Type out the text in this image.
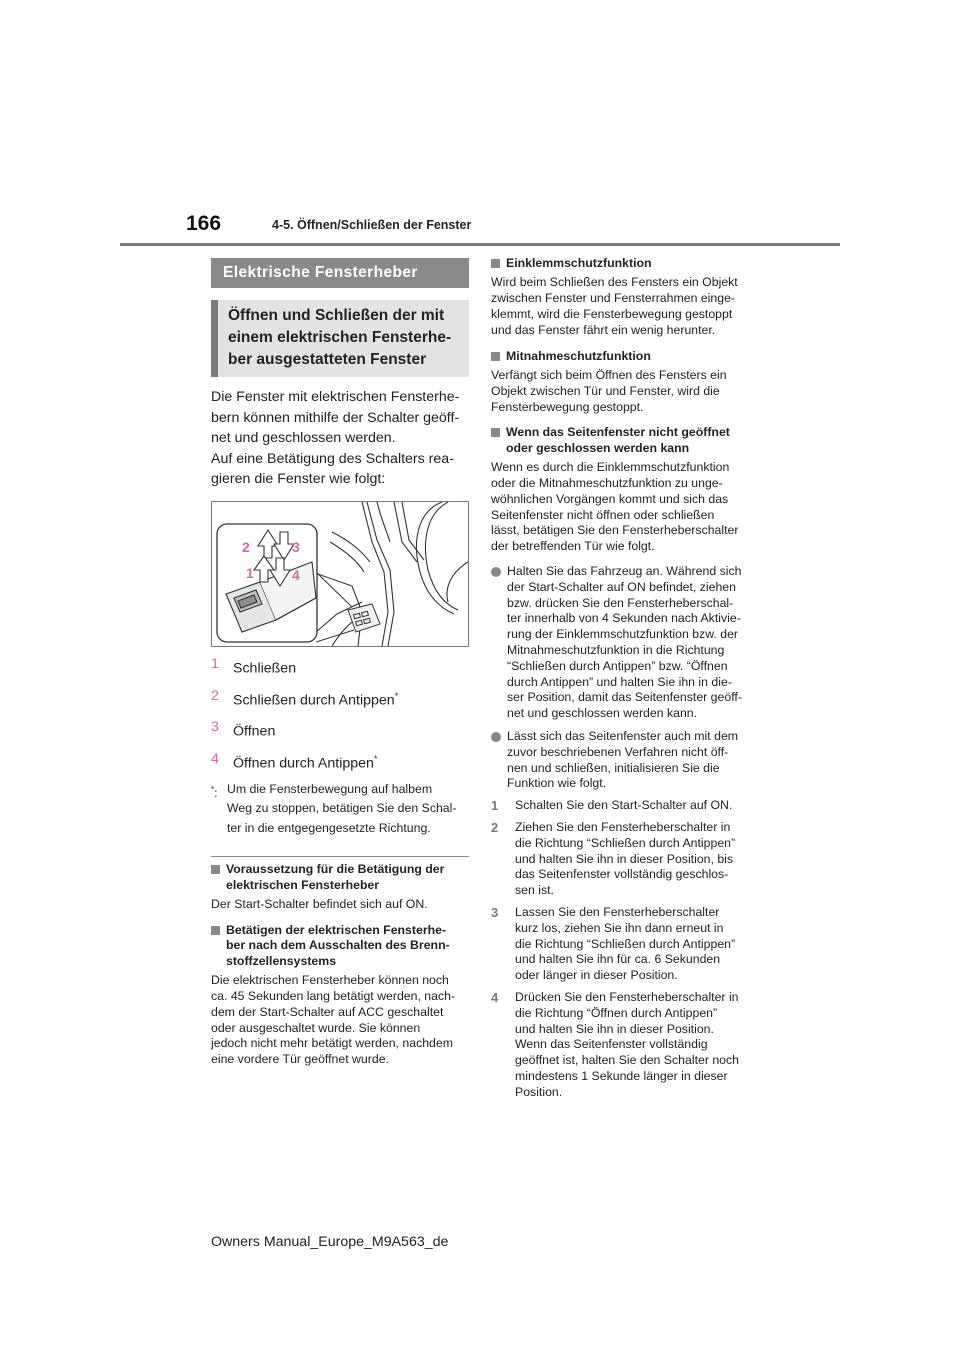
166	4-5. Öffnen/Schließen der Fenster
Elektrische Fensterheber
Öffnen und Schließen der mit
einem elektrischen Fensterhe-
ber ausgestatteten Fenster
Die Fenster mit elektrischen Fensterhe-
bern können mithilfe der Schalter geöff-
net und geschlossen werden.
Auf eine Betätigung des Schalters rea-
gieren die Fenster wie folgt:
2
1
3
4
1 Schließen
2 Schließen durch Antippen*
3 Öffnen
4 Öffnen durch Antippen*
*: Um die Fensterbewegung auf halbem
Weg zu stoppen, betätigen Sie den Schal-
ter in die entgegengesetzte Richtung.
Voraussetzung für die Betätigung der
elektrischen Fensterheber
Der Start-Schalter befindet sich auf ON.
Betätigen der elektrischen Fensterhe-
ber nach dem Ausschalten des Brenn-
stoffzellensystems
Die elektrischen Fensterheber können noch
ca. 45 Sekunden lang betätigt werden, nach-
dem der Start-Schalter auf ACC geschaltet
oder ausgeschaltet wurde. Sie können
jedoch nicht mehr betätigt werden, nachdem
eine vordere Tür geöffnet wurde.
Einklemmschutzfunktion
Wird beim Schließen des Fensters ein Objekt
zwischen Fenster und Fensterrahmen einge-
klemmt, wird die Fensterbewegung gestoppt
und das Fenster fährt ein wenig herunter.
Mitnahmeschutzfunktion
Verfängt sich beim Öffnen des Fensters ein
Objekt zwischen Tür und Fenster, wird die
Fensterbewegung gestoppt.
Wenn das Seitenfenster nicht geöffnet
oder geschlossen werden kann
Wenn es durch die Einklemmschutzfunktion
oder die Mitnahmeschutzfunktion zu unge-
wöhnlichen Vorgängen kommt und sich das
Seitenfenster nicht öffnen oder schließen
lässt, betätigen Sie den Fensterheberschalter
der betreffenden Tür wie folgt.
Halten Sie das Fahrzeug an. Während sich
der Start-Schalter auf ON befindet, ziehen
bzw. drücken Sie den Fensterheberschal-
ter innerhalb von 4 Sekunden nach Aktivie-
rung der Einklemmschutzfunktion bzw. der
Mitnahmeschutzfunktion in die Richtung
“Schließen durch Antippen” bzw. “Öffnen
durch Antippen” und halten Sie ihn in die-
ser Position, damit das Seitenfenster geöff-
net und geschlossen werden kann.
Lässt sich das Seitenfenster auch mit dem
zuvor beschriebenen Verfahren nicht öff-
nen und schließen, initialisieren Sie die
Funktion wie folgt.
1	Schalten Sie den Start-Schalter auf ON.
2	Ziehen Sie den Fensterheberschalter in
die Richtung “Schließen durch Antippen”
und halten Sie ihn in dieser Position, bis
das Seitenfenster vollständig geschlos-
sen ist.
3	Lassen Sie den Fensterheberschalter
kurz los, ziehen Sie ihn dann erneut in
die Richtung “Schließen durch Antippen”
und halten Sie ihn für ca. 6 Sekunden
oder länger in dieser Position.
4	Drücken Sie den Fensterheberschalter in
die Richtung “Öffnen durch Antippen”
und halten Sie ihn in dieser Position.
Wenn das Seitenfenster vollständig
geöffnet ist, halten Sie den Schalter noch
mindestens 1 Sekunde länger in dieser
Position.
Owners Manual_Europe_M9A563_de
